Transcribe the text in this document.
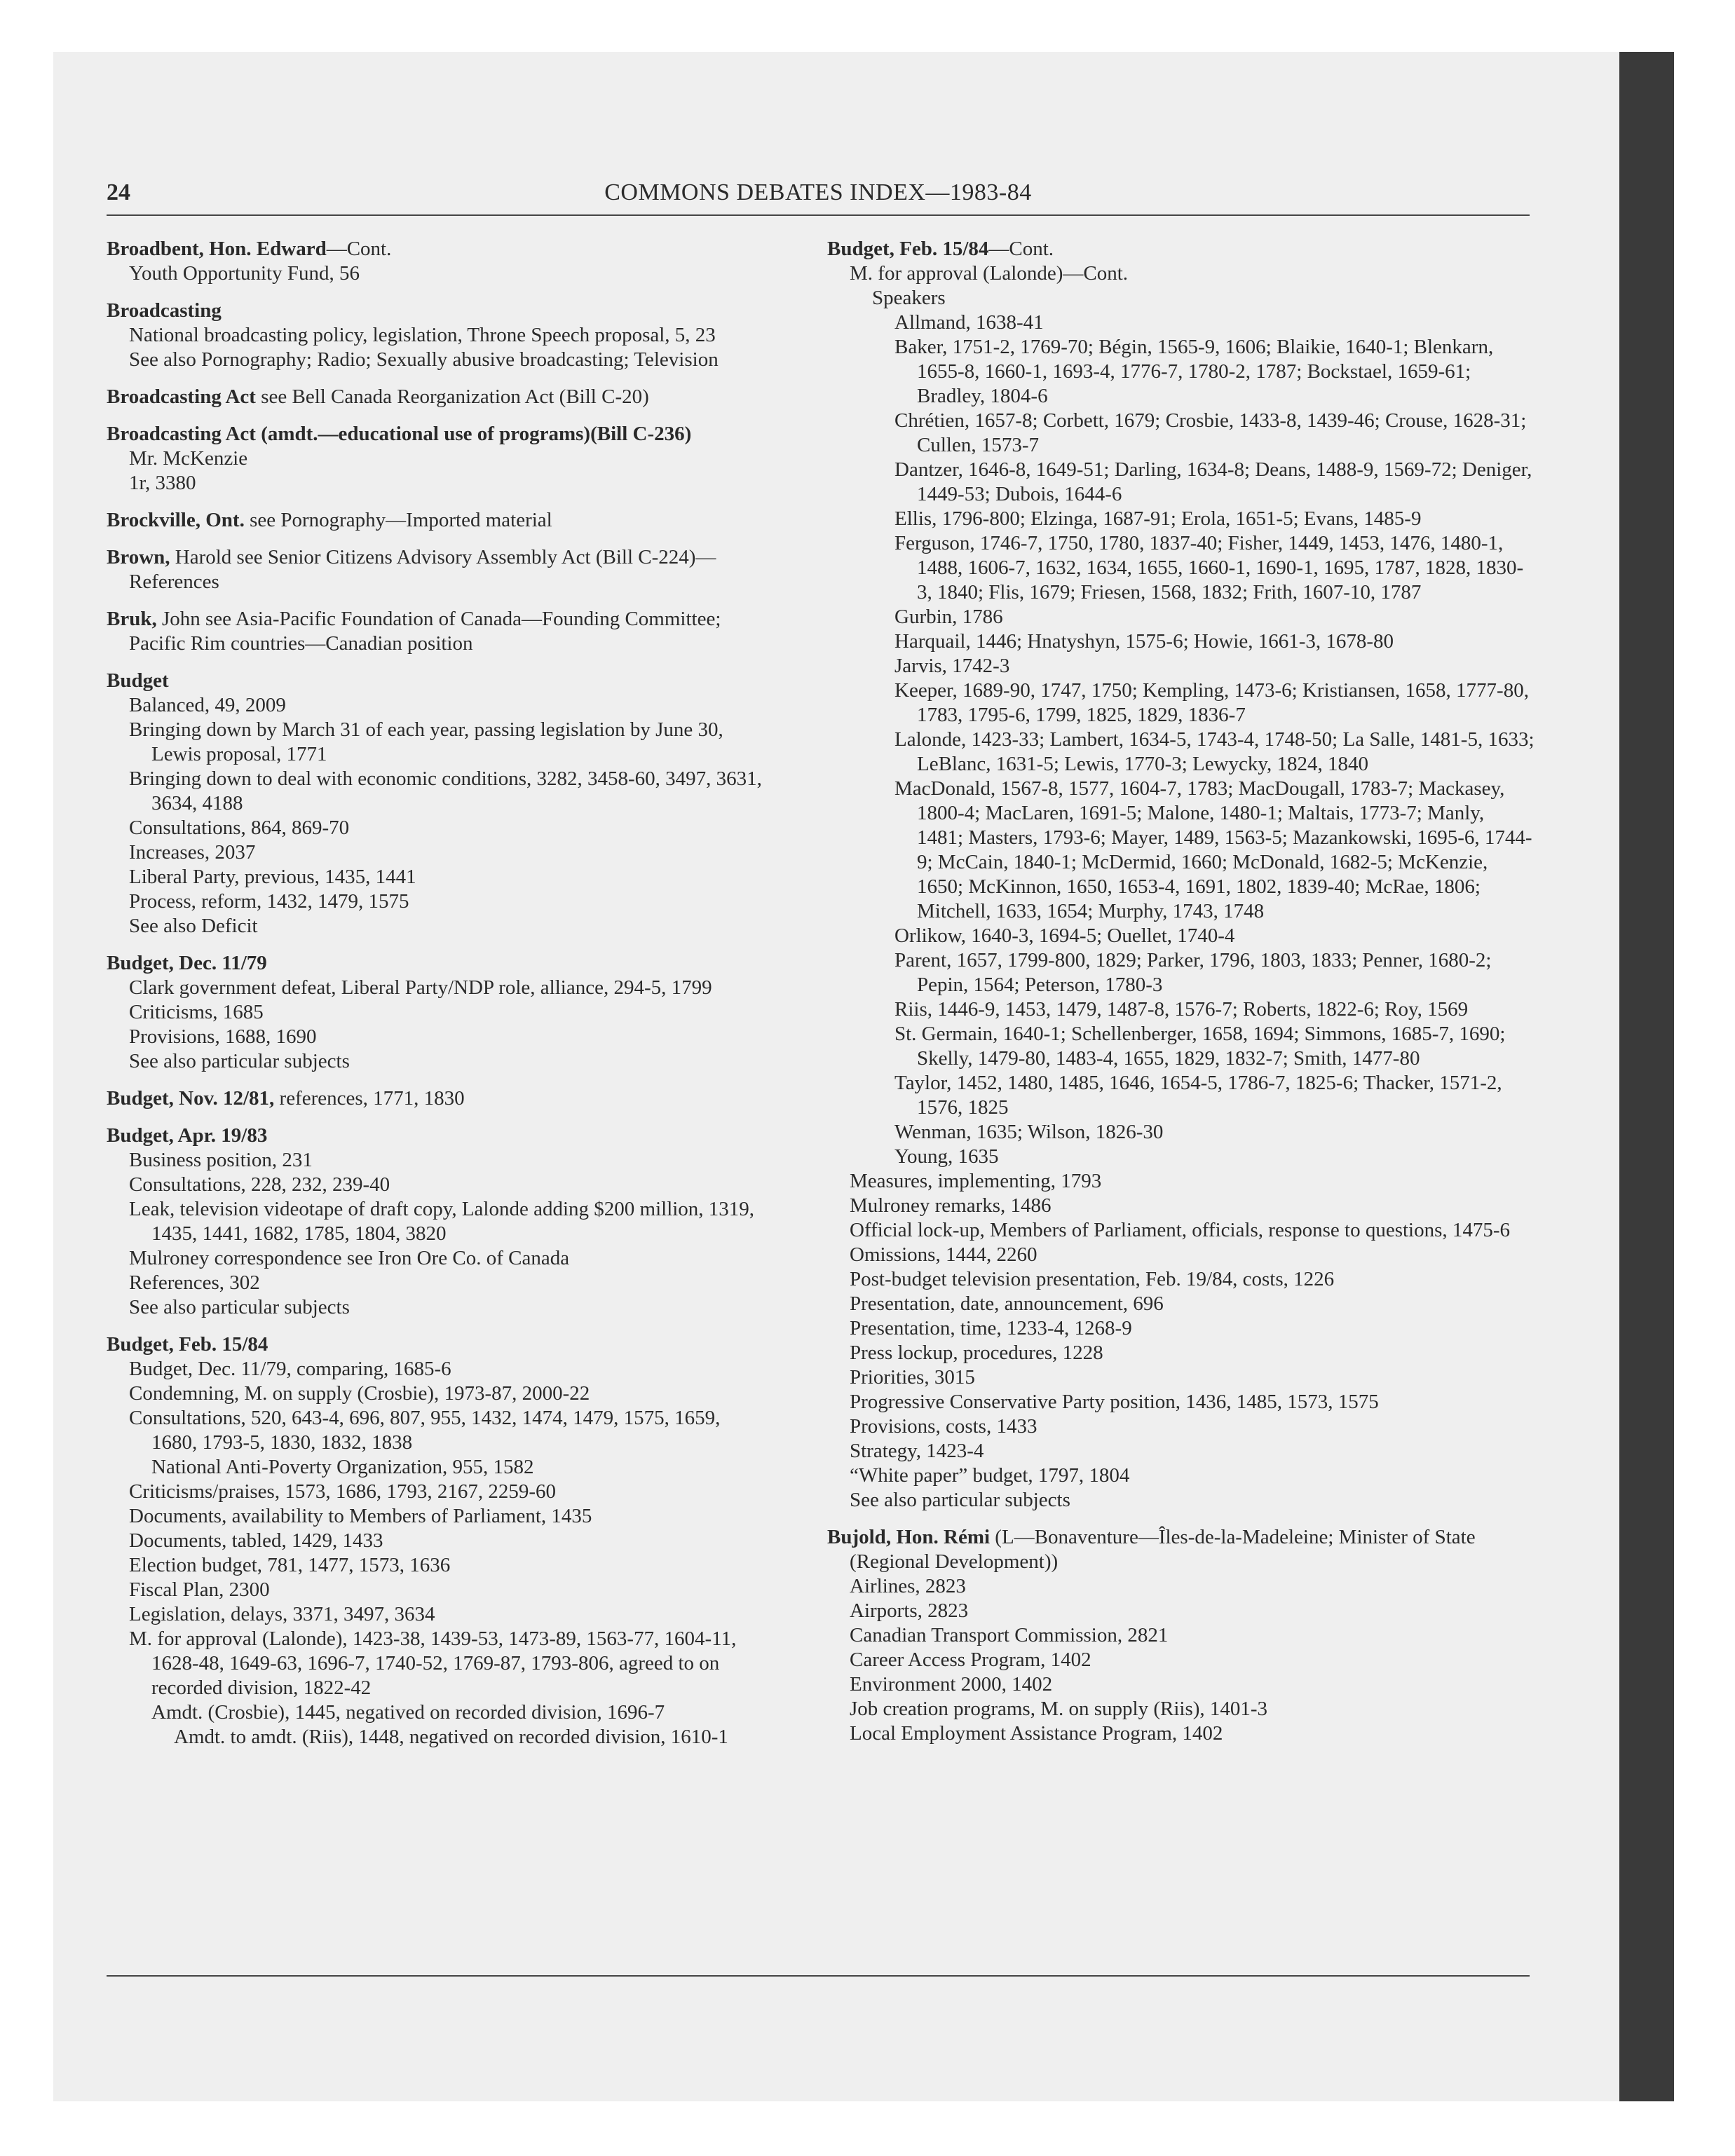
24	COMMONS DEBATES INDEX—1983-84
Broadbent, Hon. Edward—Cont.
Youth Opportunity Fund, 56
Broadcasting
National broadcasting policy, legislation, Throne Speech proposal, 5, 23
See also Pornography; Radio; Sexually abusive broadcasting; Television
Broadcasting Act see Bell Canada Reorganization Act (Bill C-20)
Broadcasting Act (amdt.—educational use of programs)(Bill C-236)
Mr. McKenzie
1r, 3380
Brockville, Ont. see Pornography—Imported material
Brown, Harold see Senior Citizens Advisory Assembly Act (Bill C-224)—References
Bruk, John see Asia-Pacific Foundation of Canada—Founding Committee; Pacific Rim countries—Canadian position
Budget
Balanced, 49, 2009
Bringing down by March 31 of each year, passing legislation by June 30, Lewis proposal, 1771
Bringing down to deal with economic conditions, 3282, 3458-60, 3497, 3631, 3634, 4188
Consultations, 864, 869-70
Increases, 2037
Liberal Party, previous, 1435, 1441
Process, reform, 1432, 1479, 1575
See also Deficit
Budget, Dec. 11/79
Clark government defeat, Liberal Party/NDP role, alliance, 294-5, 1799
Criticisms, 1685
Provisions, 1688, 1690
See also particular subjects
Budget, Nov. 12/81, references, 1771, 1830
Budget, Apr. 19/83
Business position, 231
Consultations, 228, 232, 239-40
Leak, television videotape of draft copy, Lalonde adding $200 million, 1319, 1435, 1441, 1682, 1785, 1804, 3820
Mulroney correspondence see Iron Ore Co. of Canada
References, 302
See also particular subjects
Budget, Feb. 15/84
Budget, Dec. 11/79, comparing, 1685-6
Condemning, M. on supply (Crosbie), 1973-87, 2000-22
Consultations, 520, 643-4, 696, 807, 955, 1432, 1474, 1479, 1575, 1659, 1680, 1793-5, 1830, 1832, 1838
National Anti-Poverty Organization, 955, 1582
Criticisms/praises, 1573, 1686, 1793, 2167, 2259-60
Documents, availability to Members of Parliament, 1435
Documents, tabled, 1429, 1433
Election budget, 781, 1477, 1573, 1636
Fiscal Plan, 2300
Legislation, delays, 3371, 3497, 3634
M. for approval (Lalonde), 1423-38, 1439-53, 1473-89, 1563-77, 1604-11, 1628-48, 1649-63, 1696-7, 1740-52, 1769-87, 1793-806, agreed to on recorded division, 1822-42
Amdt. (Crosbie), 1445, negatived on recorded division, 1696-7
Amdt. to amdt. (Riis), 1448, negatived on recorded division, 1610-1
Budget, Feb. 15/84—Cont.
M. for approval (Lalonde)—Cont.
Speakers
Allmand, 1638-41
Baker, 1751-2, 1769-70; Bégin, 1565-9, 1606; Blaikie, 1640-1; Blenkarn, 1655-8, 1660-1, 1693-4, 1776-7, 1780-2, 1787; Bockstael, 1659-61; Bradley, 1804-6
Chrétien, 1657-8; Corbett, 1679; Crosbie, 1433-8, 1439-46; Crouse, 1628-31; Cullen, 1573-7
Dantzer, 1646-8, 1649-51; Darling, 1634-8; Deans, 1488-9, 1569-72; Deniger, 1449-53; Dubois, 1644-6
Ellis, 1796-800; Elzinga, 1687-91; Erola, 1651-5; Evans, 1485-9
Ferguson, 1746-7, 1750, 1780, 1837-40; Fisher, 1449, 1453, 1476, 1480-1, 1488, 1606-7, 1632, 1634, 1655, 1660-1, 1690-1, 1695, 1787, 1828, 1830-3, 1840; Flis, 1679; Friesen, 1568, 1832; Frith, 1607-10, 1787
Gurbin, 1786
Harquail, 1446; Hnatyshyn, 1575-6; Howie, 1661-3, 1678-80
Jarvis, 1742-3
Keeper, 1689-90, 1747, 1750; Kempling, 1473-6; Kristiansen, 1658, 1777-80, 1783, 1795-6, 1799, 1825, 1829, 1836-7
Lalonde, 1423-33; Lambert, 1634-5, 1743-4, 1748-50; La Salle, 1481-5, 1633; LeBlanc, 1631-5; Lewis, 1770-3; Lewycky, 1824, 1840
MacDonald, 1567-8, 1577, 1604-7, 1783; MacDougall, 1783-7; Mackasey, 1800-4; MacLaren, 1691-5; Malone, 1480-1; Maltais, 1773-7; Manly, 1481; Masters, 1793-6; Mayer, 1489, 1563-5; Mazankowski, 1695-6, 1744-9; McCain, 1840-1; McDermid, 1660; McDonald, 1682-5; McKenzie, 1650; McKinnon, 1650, 1653-4, 1691, 1802, 1839-40; McRae, 1806; Mitchell, 1633, 1654; Murphy, 1743, 1748
Orlikow, 1640-3, 1694-5; Ouellet, 1740-4
Parent, 1657, 1799-800, 1829; Parker, 1796, 1803, 1833; Penner, 1680-2; Pepin, 1564; Peterson, 1780-3
Riis, 1446-9, 1453, 1479, 1487-8, 1576-7; Roberts, 1822-6; Roy, 1569
St. Germain, 1640-1; Schellenberger, 1658, 1694; Simmons, 1685-7, 1690; Skelly, 1479-80, 1483-4, 1655, 1829, 1832-7; Smith, 1477-80
Taylor, 1452, 1480, 1485, 1646, 1654-5, 1786-7, 1825-6; Thacker, 1571-2, 1576, 1825
Wenman, 1635; Wilson, 1826-30
Young, 1635
Measures, implementing, 1793
Mulroney remarks, 1486
Official lock-up, Members of Parliament, officials, response to questions, 1475-6
Omissions, 1444, 2260
Post-budget television presentation, Feb. 19/84, costs, 1226
Presentation, date, announcement, 696
Presentation, time, 1233-4, 1268-9
Press lockup, procedures, 1228
Priorities, 3015
Progressive Conservative Party position, 1436, 1485, 1573, 1575
Provisions, costs, 1433
Strategy, 1423-4
“White paper” budget, 1797, 1804
See also particular subjects
Bujold, Hon. Rémi (L—Bonaventure—Îles-de-la-Madeleine; Minister of State (Regional Development))
Airlines, 2823
Airports, 2823
Canadian Transport Commission, 2821
Career Access Program, 1402
Environment 2000, 1402
Job creation programs, M. on supply (Riis), 1401-3
Local Employment Assistance Program, 1402
